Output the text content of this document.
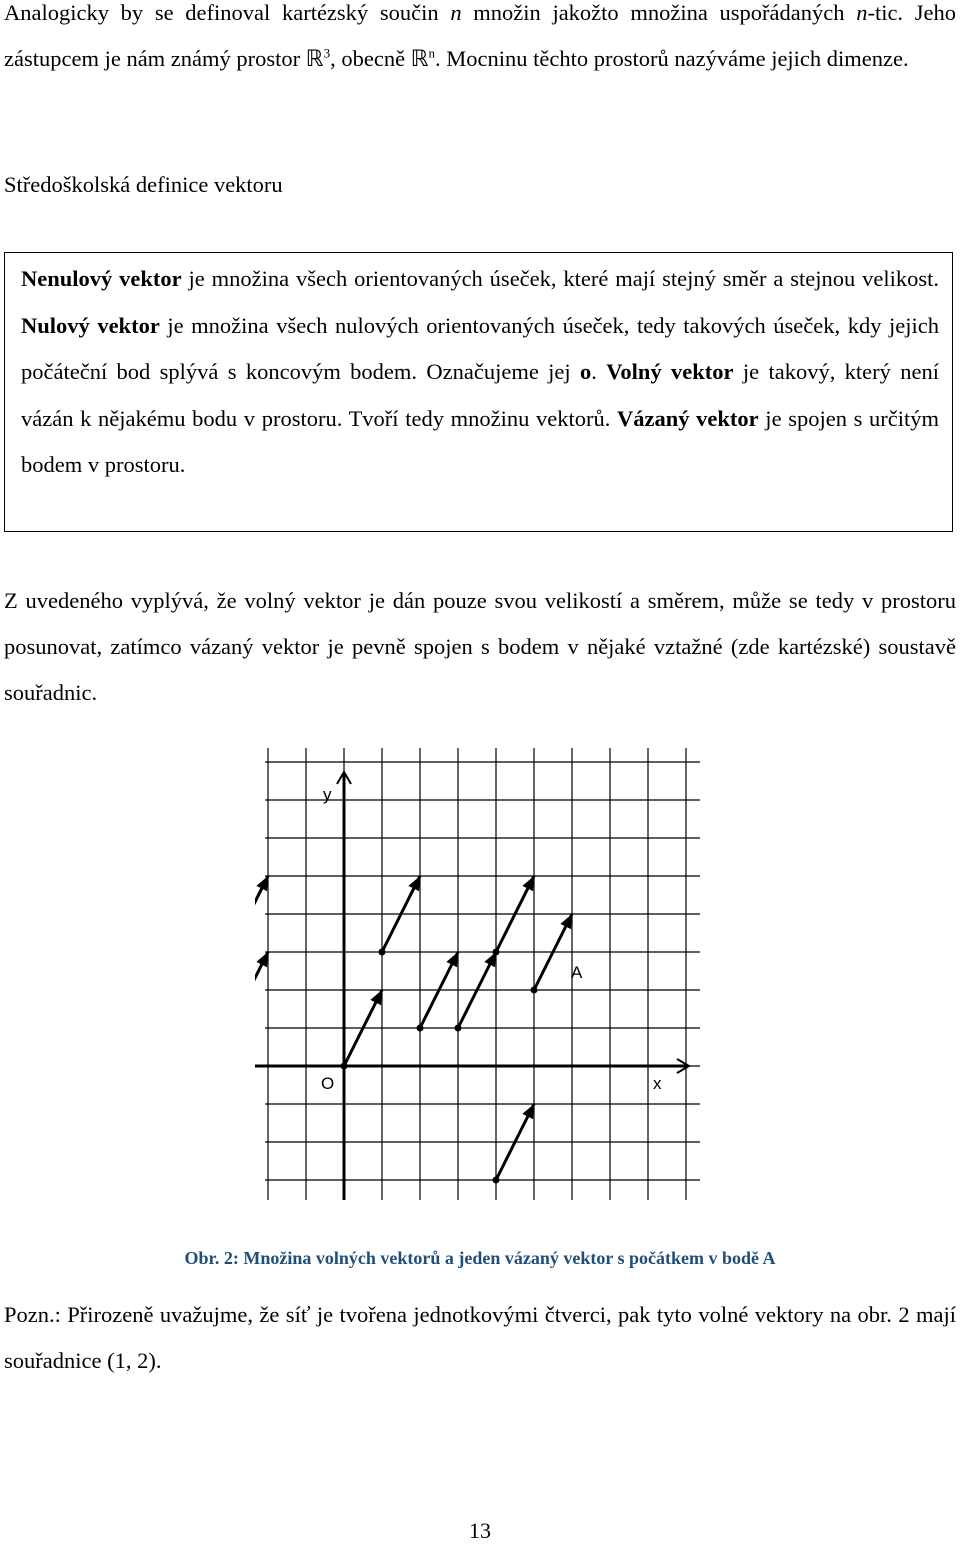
Analogicky by se definoval kartézský součin n množin jakožto množina uspořádaných n-tic. Jeho zástupcem je nám známý prostor ℝ$^3$, obecně ℝ$^n$. Mocninu těchto prostorů nazýváme jejich dimenze.

Středoškolská definice vektoru

Nenulový vektor je množina všech orientovaných úseček, které mají stejný směr a stejnou velikost. Nulový vektor je množina všech nulových orientovaných úseček, tedy takových úseček, kdy jejich počáteční bod splývá s koncovým bodem. Označujeme jej o. Volný vektor je takový, který není vázán k nějakému bodu v prostoru. Tvoří tedy množinu vektorů. Vázaný vektor je spojen s určitým bodem v prostoru.

Z uvedeného vyplývá, že volný vektor je dán pouze svou velikostí a směrem, může se tedy v prostoru posunovat, zatímco vázaný vektor je pevně spojen s bodem v nějaké vztažné (zde kartézské) soustavě souřadnic.

y
x
O
A

Obr. 2: Množina volných vektorů a jeden vázaný vektor s počátkem v bodě A

Pozn.: Přirozeně uvažujme, že síť je tvořena jednotkovými čtverci, pak tyto volné vektory na obr. 2 mají souřadnice (1, 2).

13
